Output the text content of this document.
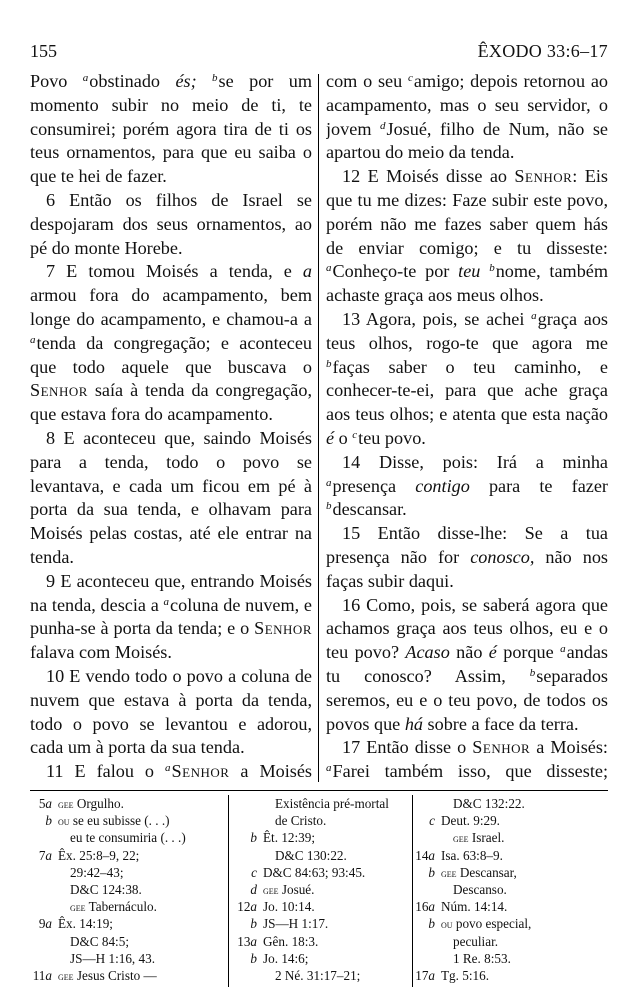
155	ÊXODO 33:6–17

Povo $^a$obstinado és; $^b$se por um momento subir no meio de ti, te consumirei; porém agora tira de ti os teus ornamentos, para que eu saiba o que te hei de fazer.

6 Então os filhos de Israel se despojaram dos seus ornamentos, ao pé do monte Horebe.

7 E tomou Moisés a tenda, e a armou fora do acampamento, bem longe do acampamento, e chamou-a a $^a$tenda da congregação; e aconteceu que todo aquele que buscava o Senhor saía à tenda da congregação, que estava fora do acampamento.

8 E aconteceu que, saindo Moisés para a tenda, todo o povo se levantava, e cada um ficou em pé à porta da sua tenda, e olhavam para Moisés pelas costas, até ele entrar na tenda.

9 E aconteceu que, entrando Moisés na tenda, descia a $^a$coluna de nuvem, e punha-se à porta da tenda; e o Senhor falava com Moisés.

10 E vendo todo o povo a coluna de nuvem que estava à porta da tenda, todo o povo se levantou e adorou, cada um à porta da sua tenda.

11 E falou o $^a$Senhor a Moisés

com o seu $^c$amigo; depois retornou ao acampamento, mas o seu servidor, o jovem $^d$Josué, filho de Num, não se apartou do meio da tenda.

12 E Moisés disse ao Senhor: Eis que tu me dizes: Faze subir este povo, porém não me fazes saber quem hás de enviar comigo; e tu disseste: $^a$Conheço-te por teu $^b$nome, também achaste graça aos meus olhos.

13 Agora, pois, se achei $^a$graça aos teus olhos, rogo-te que agora me $^b$faças saber o teu caminho, e conhecer-te-ei, para que ache graça aos teus olhos; e atenta que esta nação é o $^c$teu povo.

14 Disse, pois: Irá a minha $^a$presença contigo para te fazer $^b$descansar.

15 Então disse-lhe: Se a tua presença não for conosco, não nos faças subir daqui.

16 Como, pois, se saberá agora que achamos graça aos teus olhos, eu e o teu povo? Acaso não é porque $^a$andas tu conosco? Assim, $^b$separados seremos, eu e o teu povo, de todos os povos que há sobre a face da terra.

17 Então disse o Senhor a Moisés: $^a$Farei também isso, que disseste;

5a gee Orgulho.
b ou se eu subisse (. . .)
eu te consumiria (. . .)
7a Êx. 25:8–9, 22;
29:42–43;
D&C 124:38.
gee Tabernáculo.
9a Êx. 14:19;
D&C 84:5;
JS—H 1:16, 43.
11a gee Jesus Cristo —
Existência pré-mortal
de Cristo.
b Êt. 12:39;
D&C 130:22.
c D&C 84:63; 93:45.
d gee Josué.
12a Jo. 10:14.
b JS—H 1:17.
13a Gên. 18:3.
b Jo. 14:6;
2 Né. 31:17–21;
D&C 132:22.
c Deut. 9:29.
gee Israel.
14a Isa. 63:8–9.
b gee Descansar,
Descanso.
16a Núm. 14:14.
b ou povo especial,
peculiar.
1 Re. 8:53.
17a Tg. 5:16.
